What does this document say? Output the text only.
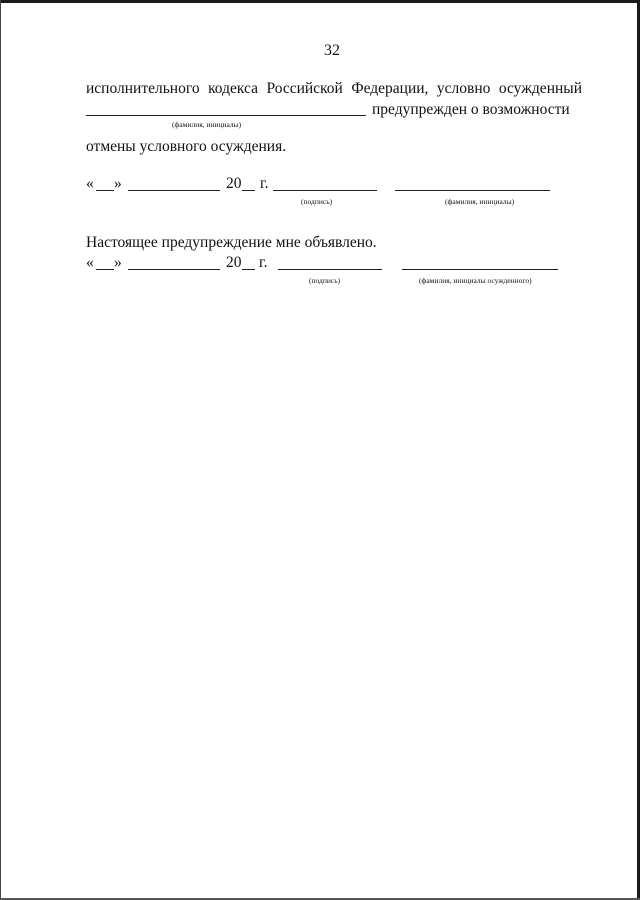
32
исполнительного кодекса Российской Федерации, условно осужденный
предупрежден о возможности
(фамилия, инициалы)
отмены условного осуждения.
« »	20 г.
(подпись)	(фамилия, инициалы)
Настоящее предупреждение мне объявлено.
« »	20 г.
(подпись)	(фамилия, инициалы осужденного)
